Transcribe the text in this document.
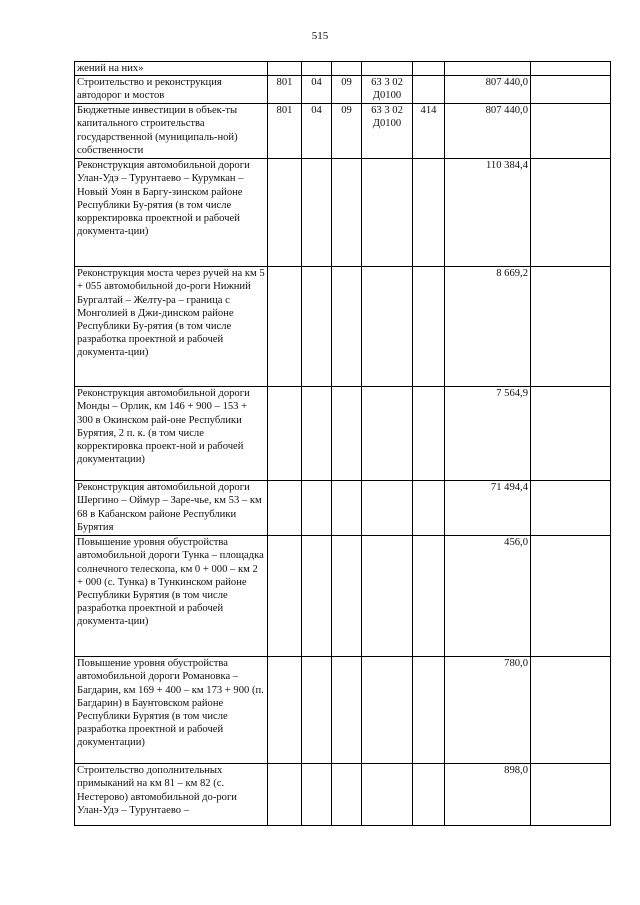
515
жений на них»							
Строительство и реконструкция автодорог и мостов	801	04	09	63 3 02 Д0100		807 440,0	
Бюджетные инвестиции в объек-ты капитального строительства государственной (муниципаль-ной) собственности	801	04	09	63 3 02 Д0100	414	807 440,0	
Реконструкция автомобильной дороги Улан-Удэ – Турунтаево – Курумкан – Новый Уоян в Баргу-зинском районе Республики Бу-рятия (в том числе корректировка проектной и рабочей документа-ции)						110 384,4	
Реконструкция моста через ручей на км 5 + 055 автомобильной до-роги Нижний Бургалтай – Желту-ра – граница с Монголией в Джи-динском районе Республики Бу-рятия (в том числе разработка проектной и рабочей документа-ции)						8 669,2	
Реконструкция автомобильной дороги Монды – Орлик, км 146 + 900 – 153 + 300 в Окинском рай-оне Республики Бурятия, 2 п. к. (в том числе корректировка проект-ной и рабочей документации)						7 564,9	
Реконструкция автомобильной дороги Шергино – Оймур – Заре-чье, км 53 – км 68 в Кабанском районе Республики Бурятия						71 494,4	
Повышение уровня обустройства автомобильной дороги Тунка – площадка солнечного телескопа, км 0 + 000 – км 2 + 000 (с. Тунка) в Тункинском районе Республики Бурятия (в том числе разработка проектной и рабочей документа-ции)						456,0	
Повышение уровня обустройства автомобильной дороги Романовка – Багдарин, км 169 + 400 – км 173 + 900 (п. Багдарин) в Баунтовском районе Республики Бурятия (в том числе разработка проектной и рабочей документации)						780,0	
Строительство дополнительных примыканий на км 81 – км 82 (с. Нестерово) автомобильной до-роги Улан-Удэ – Турунтаево –						898,0	
